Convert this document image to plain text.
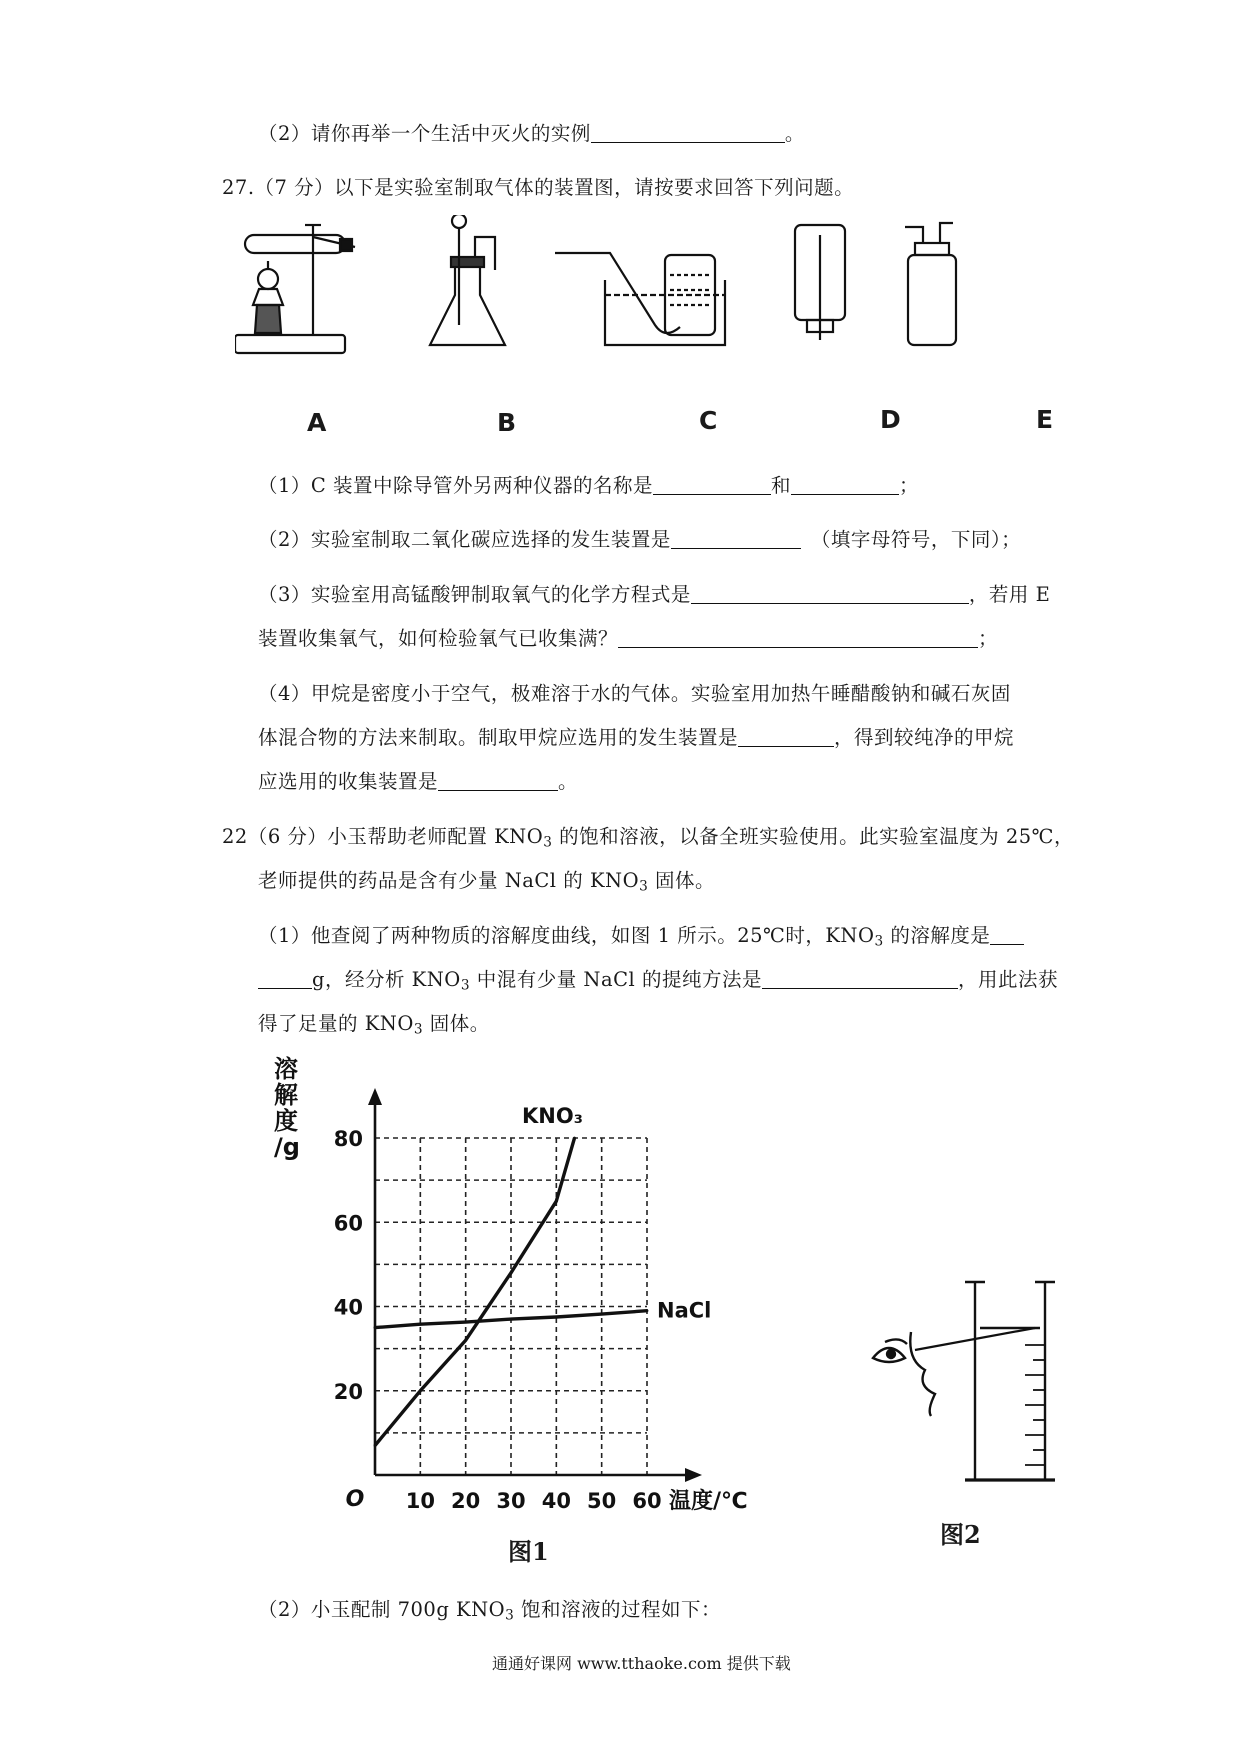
（2）请你再举一个生活中灭火的实例	。
27.（7 分）以下是实验室制取气体的装置图，请按要求回答下列问题。
A	B	C	D	E
（1）C 装置中除导管外另两种仪器的名称是	和	；
（2）实验室制取二氧化碳应选择的发生装置是	（填字母符号，下同）；
（3）实验室用高锰酸钾制取氧气的化学方程式是	，若用 E
装置收集氧气，如何检验氧气已收集满？	；
（4）甲烷是密度小于空气，极难溶于水的气体。实验室用加热午睡醋酸钠和碱石灰固
体混合物的方法来制取。制取甲烷应选用的发生装置是	，得到较纯净的甲烷
应选用的收集装置是	。
22（6 分）小玉帮助老师配置 $KNO_3$ 的饱和溶液，以备全班实验使用。此实验室温度为 25℃，
老师提供的药品是含有少量 NaCl 的 $KNO_3$ 固体。
（1）他查阅了两种物质的溶解度曲线，如图 1 所示。25℃时，$KNO_3$ 的溶解度是
g，经分析 $KNO_3$ 中混有少量 NaCl 的提纯方法是	，用此法获
得了足量的 $KNO_3$ 固体。
10 20 30 40 50 60
20
40
60
80
O	温度/℃
溶
解
度
/g
KNO₃
NaCl
图1
图2
（2）小玉配制 700g $KNO_3$ 饱和溶液的过程如下：
通通好课网 www.tthaoke.com 提供下载
